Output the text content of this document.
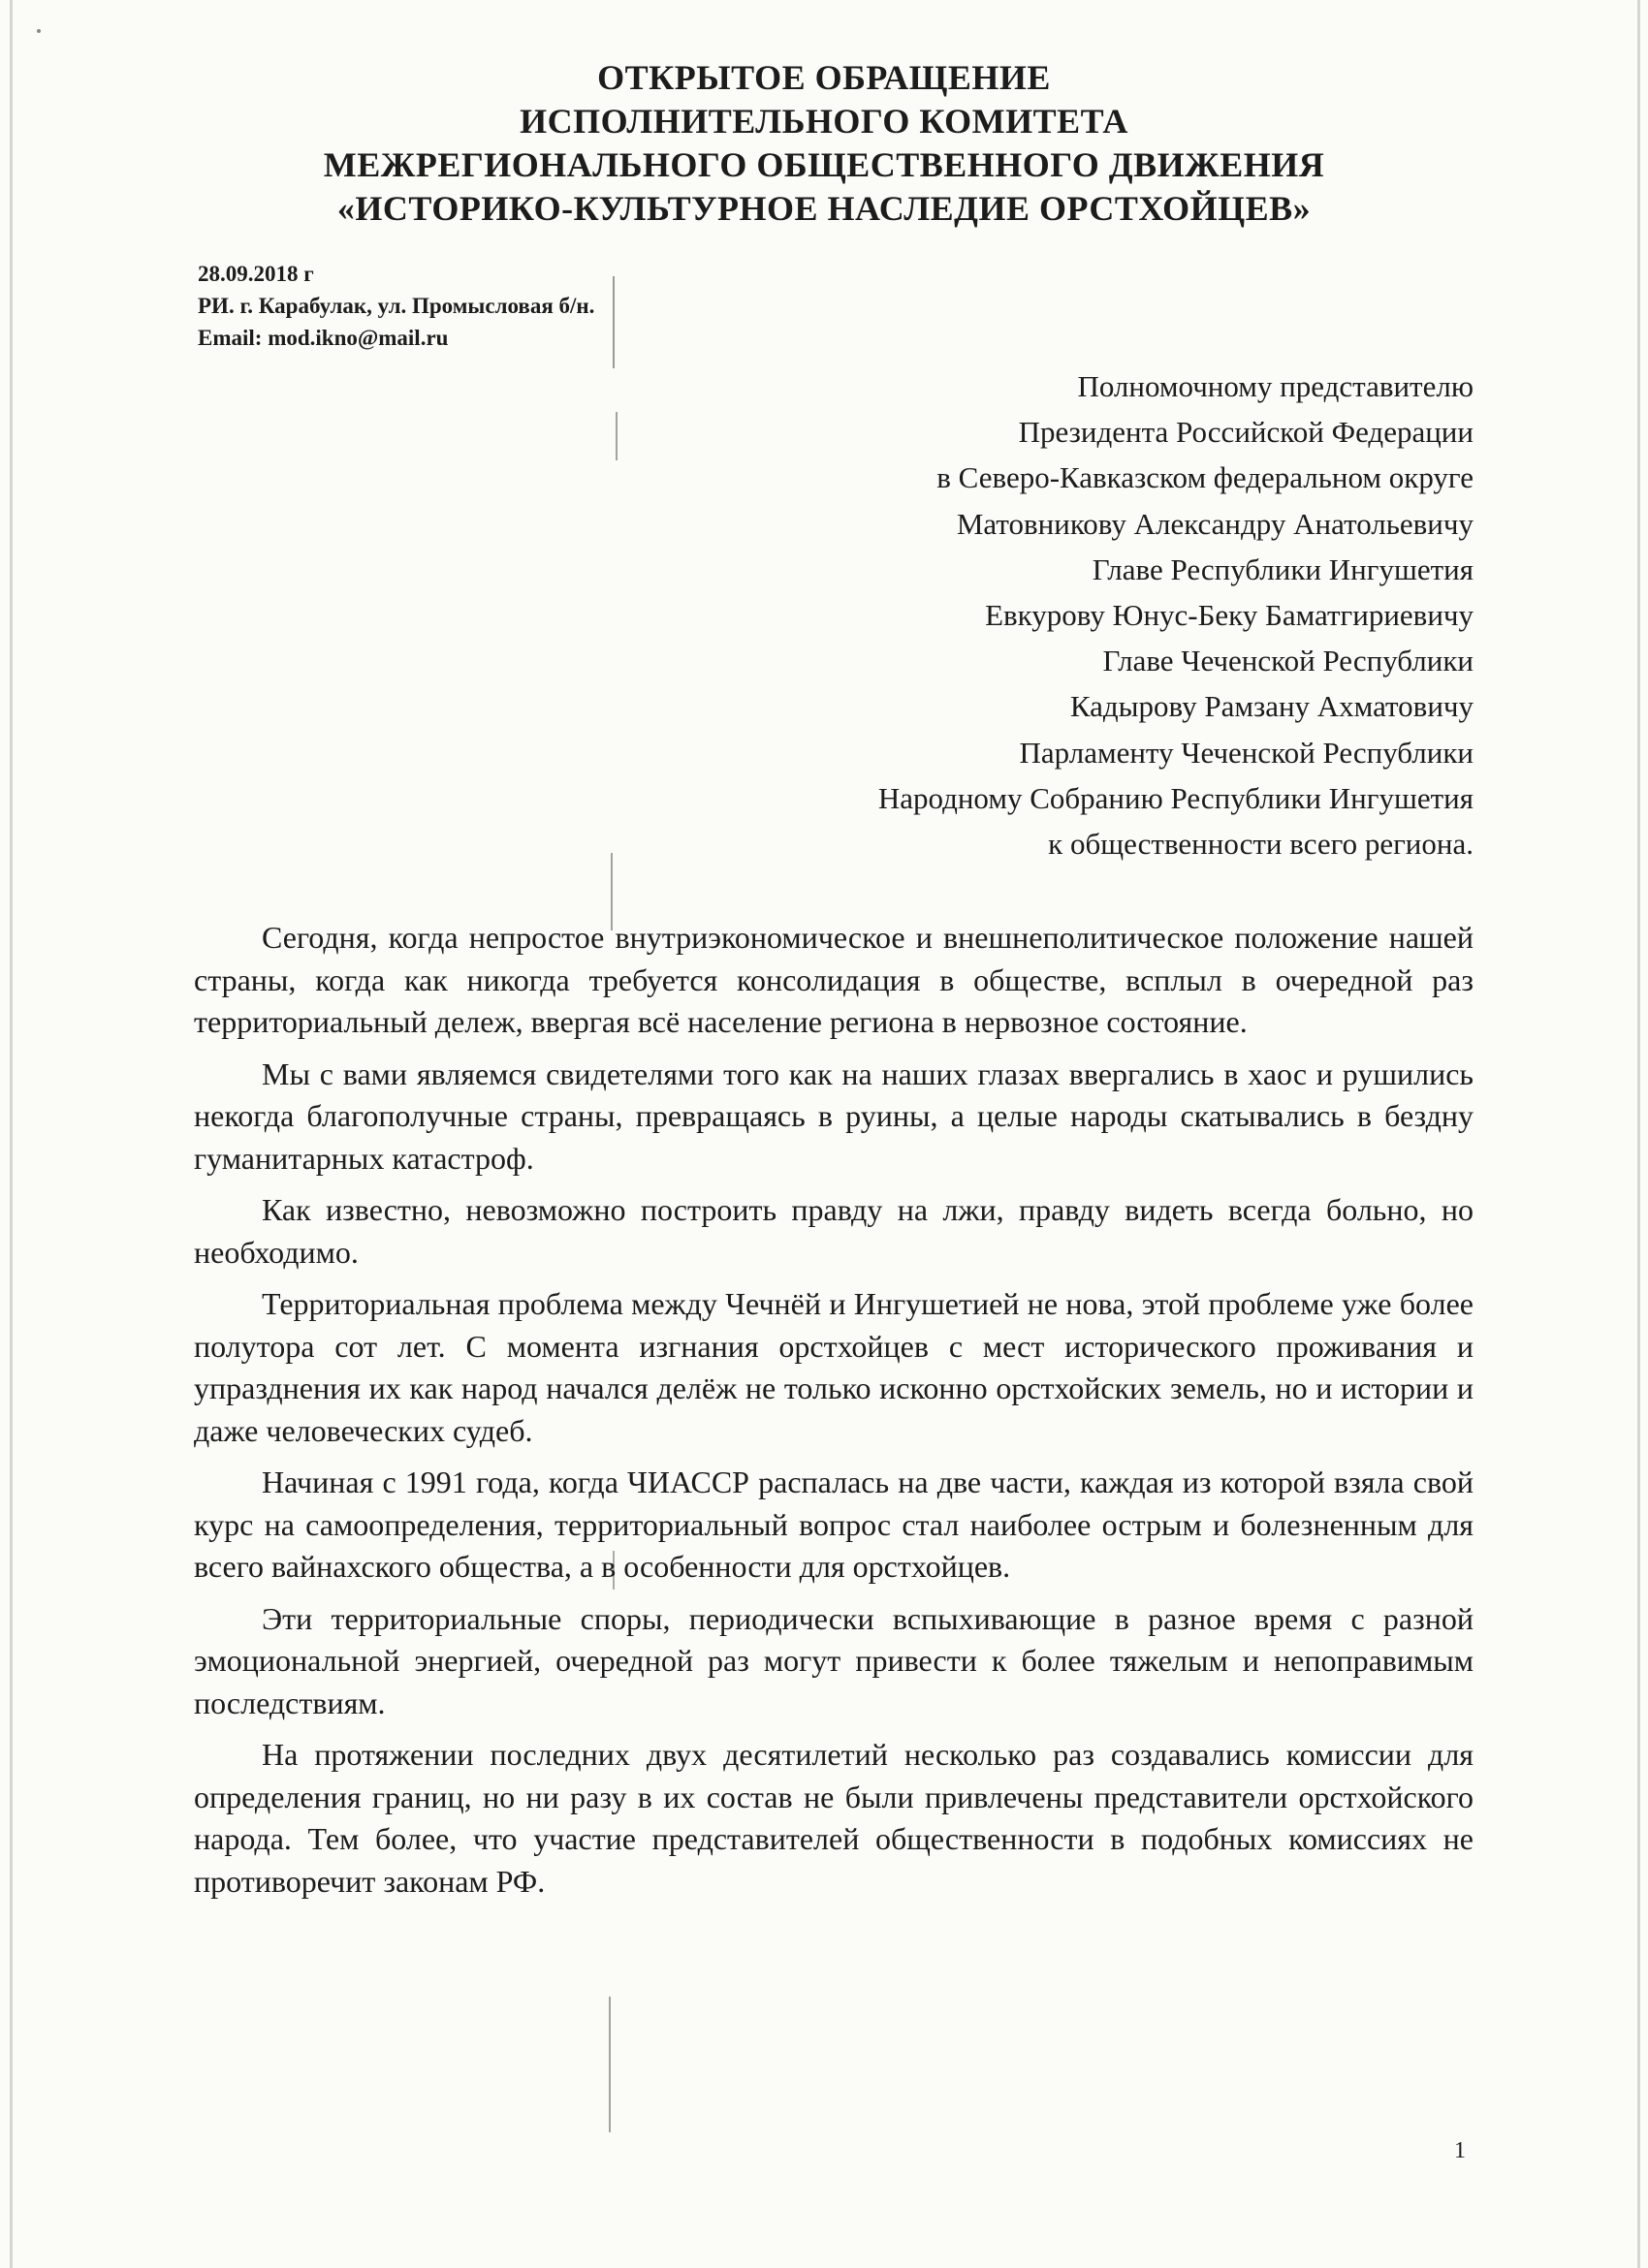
ОТКРЫТОЕ ОБРАЩЕНИЕ
ИСПОЛНИТЕЛЬНОГО КОМИТЕТА
МЕЖРЕГИОНАЛЬНОГО ОБЩЕСТВЕННОГО ДВИЖЕНИЯ
«ИСТОРИКО-КУЛЬТУРНОЕ НАСЛЕДИЕ ОРСТХОЙЦЕВ»
28.09.2018 г
РИ. г. Карабулак, ул. Промысловая б/н.
Email: mod.ikno@mail.ru
Полномочному представителю
Президента Российской Федерации
в Северо-Кавказском федеральном округе
Матовникову Александру Анатольевичу
Главе Республики Ингушетия
Евкурову Юнус-Беку Баматгириевичу
Главе Чеченской Республики
Кадырову Рамзану Ахматовичу
Парламенту Чеченской Республики
Народному Собранию Республики Ингушетия
к общественности всего региона.

Сегодня, когда непростое внутриэкономическое и внешнеполитическое положение нашей страны, когда как никогда требуется консолидация в обществе, всплыл в очередной раз территориальный дележ, ввергая всё население региона в нервозное состояние.

Мы с вами являемся свидетелями того как на наших глазах ввергались в хаос и рушились некогда благополучные страны, превращаясь в руины, а целые народы скатывались в бездну гуманитарных катастроф.

Как известно, невозможно построить правду на лжи, правду видеть всегда больно, но необходимо.

Территориальная проблема между Чечнёй и Ингушетией не нова, этой проблеме уже более полутора сот лет. С момента изгнания орстхойцев с мест исторического проживания и упразднения их как народ начался делёж не только исконно орстхойских земель, но и истории и даже человеческих судеб.

Начиная с 1991 года, когда ЧИАССР распалась на две части, каждая из которой взяла свой курс на самоопределения, территориальный вопрос стал наиболее острым и болезненным для всего вайнахского общества, а в особенности для орстхойцев.

Эти территориальные споры, периодически вспыхивающие в разное время с разной эмоциональной энергией, очередной раз могут привести к более тяжелым и непоправимым последствиям.

На протяжении последних двух десятилетий несколько раз создавались комиссии для определения границ, но ни разу в их состав не были привлечены представители орстхойского народа. Тем более, что участие представителей общественности в подобных комиссиях не противоречит законам РФ.

1
